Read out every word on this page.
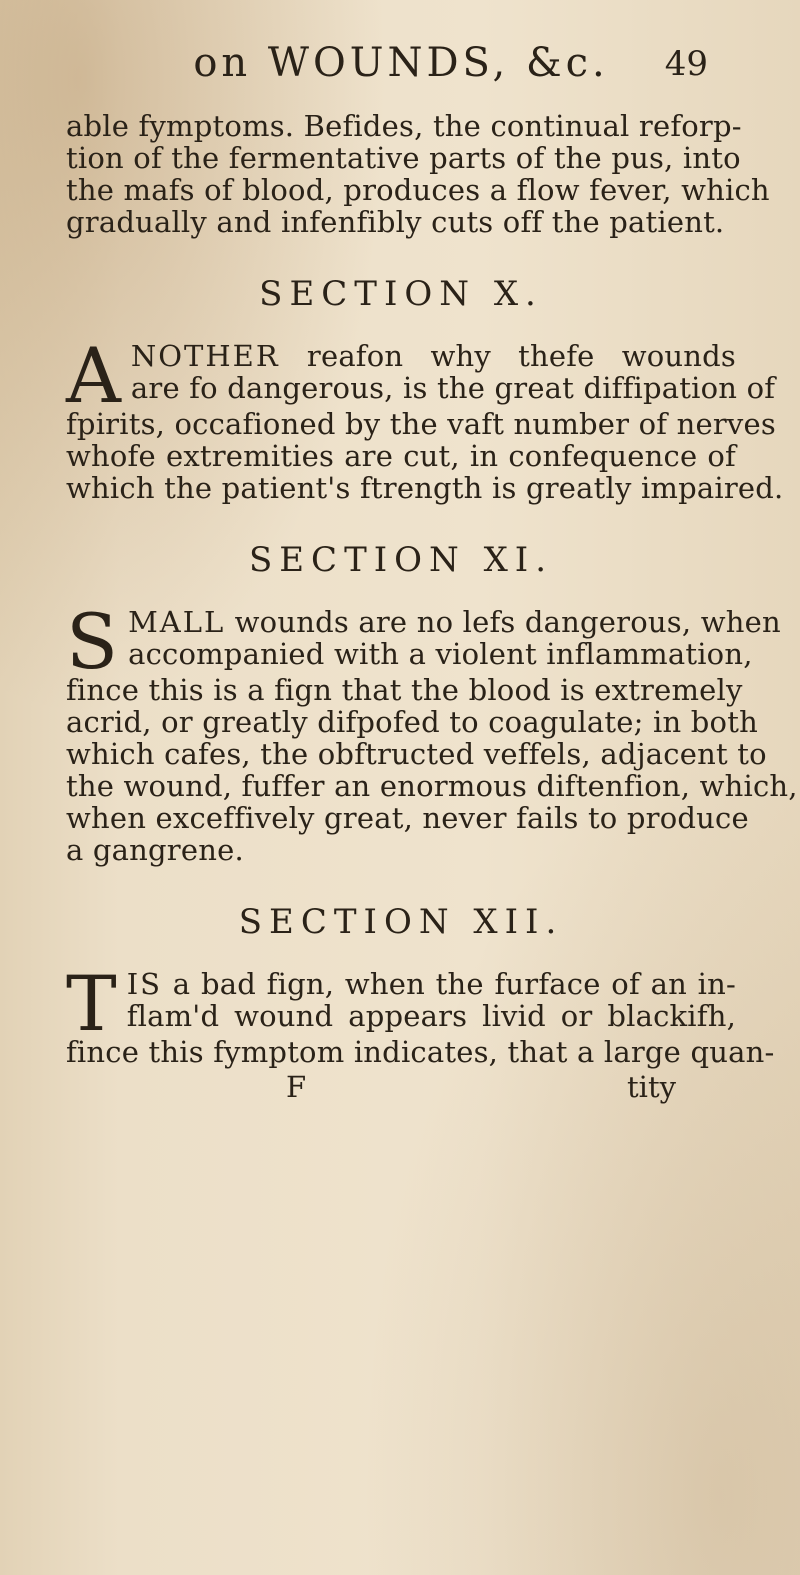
on WOUNDS, &c.	49
able fymptoms. Befides, the continual reforp-
tion of the fermentative parts of the pus, into
the mafs of blood, produces a flow fever, which
gradually and infenfibly cuts off the patient.
SECTION X.
A NOTHER reafon why thefe wounds
are fo dangerous, is the great diffipation of
fpirits, occafioned by the vaft number of nerves
whofe extremities are cut, in confequence of
which the patient's ftrength is greatly impaired.
SECTION XI.
S MALL wounds are no lefs dangerous, when
accompanied with a violent inflammation,
fince this is a fign that the blood is extremely
acrid, or greatly difpofed to coagulate; in both
which cafes, the obftructed veffels, adjacent to
the wound, fuffer an enormous diftenfion, which,
when exceffively great, never fails to produce
a gangrene.
SECTION XII.
T IS a bad fign, when the furface of an in-
flam'd wound appears livid or blackifh,
fince this fymptom indicates, that a large quan-
F	tity
